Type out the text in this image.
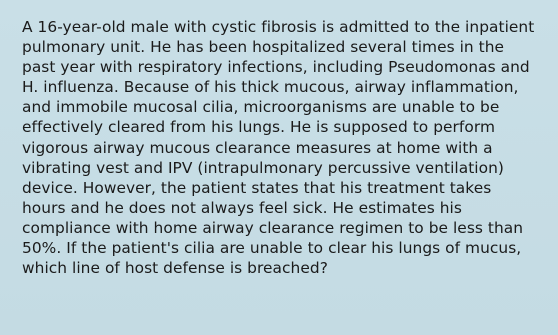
A 16-year-old male with cystic fibrosis is admitted to the inpatient pulmonary unit. He has been hospitalized several times in the past year with respiratory infections, including Pseudomonas and H. influenza. Because of his thick mucous, airway inflammation, and immobile mucosal cilia, microorganisms are unable to be effectively cleared from his lungs. He is supposed to perform vigorous airway mucous clearance measures at home with a vibrating vest and IPV (intrapulmonary percussive ventilation) device. However, the patient states that his treatment takes hours and he does not always feel sick. He estimates his compliance with home airway clearance regimen to be less than 50%. If the patient's cilia are unable to clear his lungs of mucus, which line of host defense is breached?
